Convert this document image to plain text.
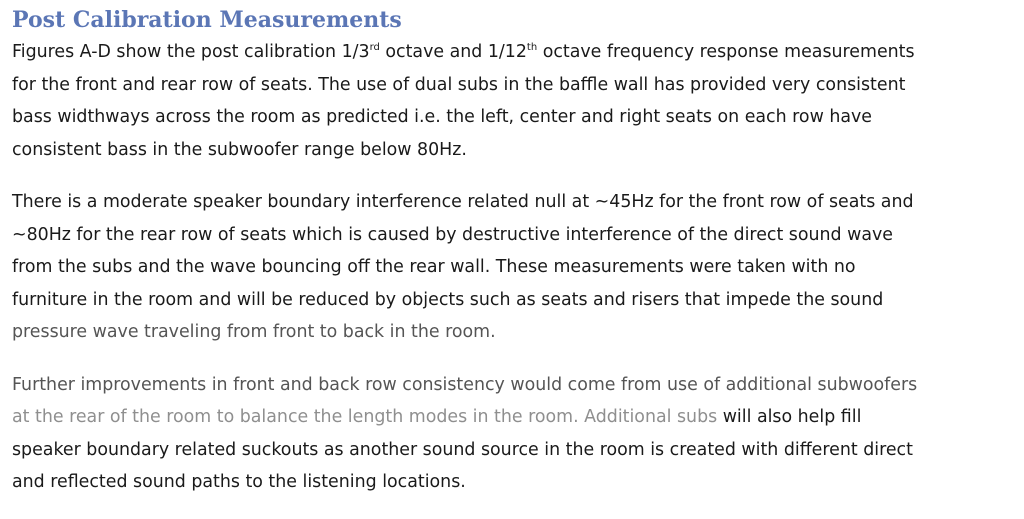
Post Calibration Measurements

Figures A-D show the post calibration 1/3rd octave and 1/12th octave frequency response measurements
for the front and rear row of seats. The use of dual subs in the baffle wall has provided very consistent
bass widthways across the room as predicted i.e. the left, center and right seats on each row have
consistent bass in the subwoofer range below 80Hz.

There is a moderate speaker boundary interference related null at ~45Hz for the front row of seats and
~80Hz for the rear row of seats which is caused by destructive interference of the direct sound wave
from the subs and the wave bouncing off the rear wall. These measurements were taken with no
furniture in the room and will be reduced by objects such as seats and risers that impede the sound
pressure wave traveling from front to back in the room.

Further improvements in front and back row consistency would come from use of additional subwoofers
at the rear of the room to balance the length modes in the room. Additional subs will also help fill
speaker boundary related suckouts as another sound source in the room is created with different direct
and reflected sound paths to the listening locations.
